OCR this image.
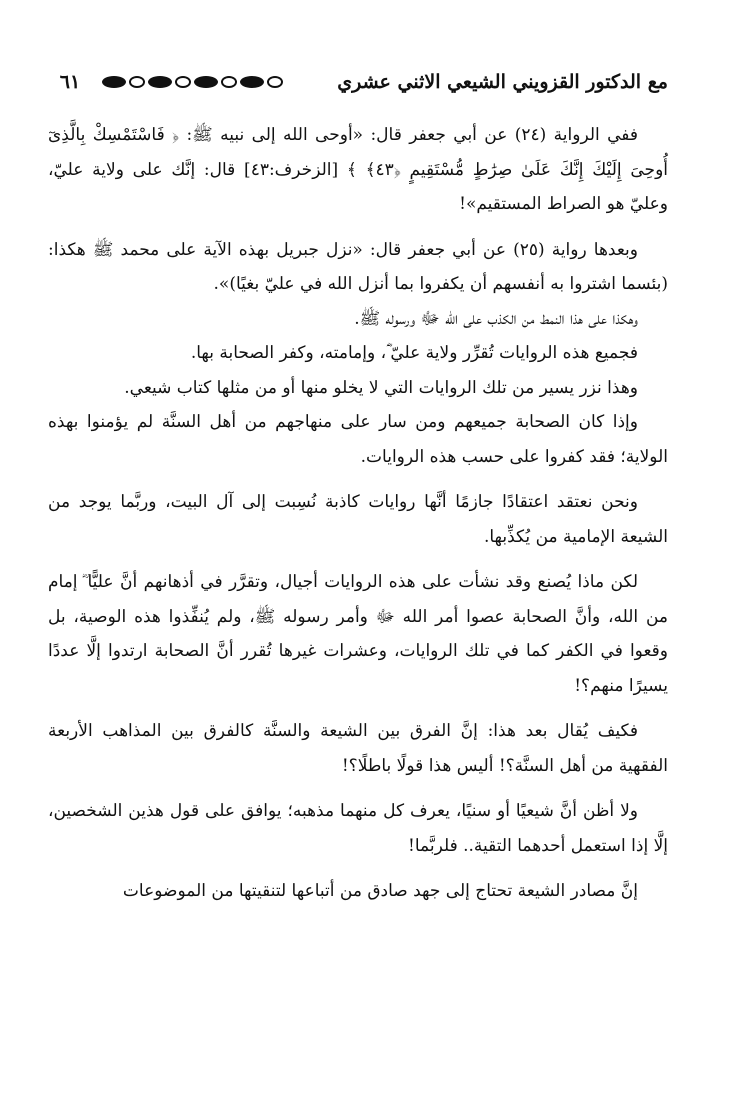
٦١	مع الدكتور القزويني الشيعي الاثني عشري

ففي الرواية (٢٤) عن أبي جعفر قال: «أوحى الله إلى نبيه ﷺ: ﴿ فَاسْتَمْسِكْ بِالَّذِىٓ أُوحِىَ إِلَيْكَ إِنَّكَ عَلَىٰ صِرَٰطٍ مُّسْتَقِيمٍ ﴿٤٣﴾ ﴾ [الزخرف:٤٣] قال: إنَّك على ولاية عليّ، وعليّ هو الصراط المستقيم»!

وبعدها رواية (٢٥) عن أبي جعفر قال: «نزل جبريل بهذه الآية على محمد ﷺ هكذا: (بئسما اشتروا به أنفسهم أن يكفروا بما أنزل الله في عليّ بغيًا)».

وهكذا على هذا النمط من الكذب على الله ﷻ ورسوله ﷺ.

فجميع هذه الروايات تُقرِّر ولاية عليّ ؓ، وإمامته، وكفر الصحابة بها.

وهذا نزر يسير من تلك الروايات التي لا يخلو منها أو من مثلها كتاب شيعي.

وإذا كان الصحابة جميعهم ومن سار على منهاجهم من أهل السنَّة لم يؤمنوا بهذه الولاية؛ فقد كفروا على حسب هذه الروايات.

ونحن نعتقد اعتقادًا جازمًا أنَّها روايات كاذبة نُسِبت إلى آل البيت، وربَّما يوجد من الشيعة الإمامية من يُكذِّبها.

لكن ماذا يُصنع وقد نشأت على هذه الروايات أجيال، وتقرَّر في أذهانهم أنَّ عليًّا ؓ إمام من الله، وأنَّ الصحابة عصوا أمر الله ﷻ وأمر رسوله ﷺ، ولم يُنفِّذوا هذه الوصية، بل وقعوا في الكفر كما في تلك الروايات، وعشرات غيرها تُقرر أنَّ الصحابة ارتدوا إلَّا عددًا يسيرًا منهم؟!

فكيف يُقال بعد هذا: إنَّ الفرق بين الشيعة والسنَّة كالفرق بين المذاهب الأربعة الفقهية من أهل السنَّة؟! أليس هذا قولًا باطلًا؟!

ولا أظن أنَّ شيعيًا أو سنيًا، يعرف كل منهما مذهبه؛ يوافق على قول هذين الشخصين، إلَّا إذا استعمل أحدهما التقية.. فلربَّما!

إنَّ مصادر الشيعة تحتاج إلى جهد صادق من أتباعها لتنقيتها من الموضوعات
